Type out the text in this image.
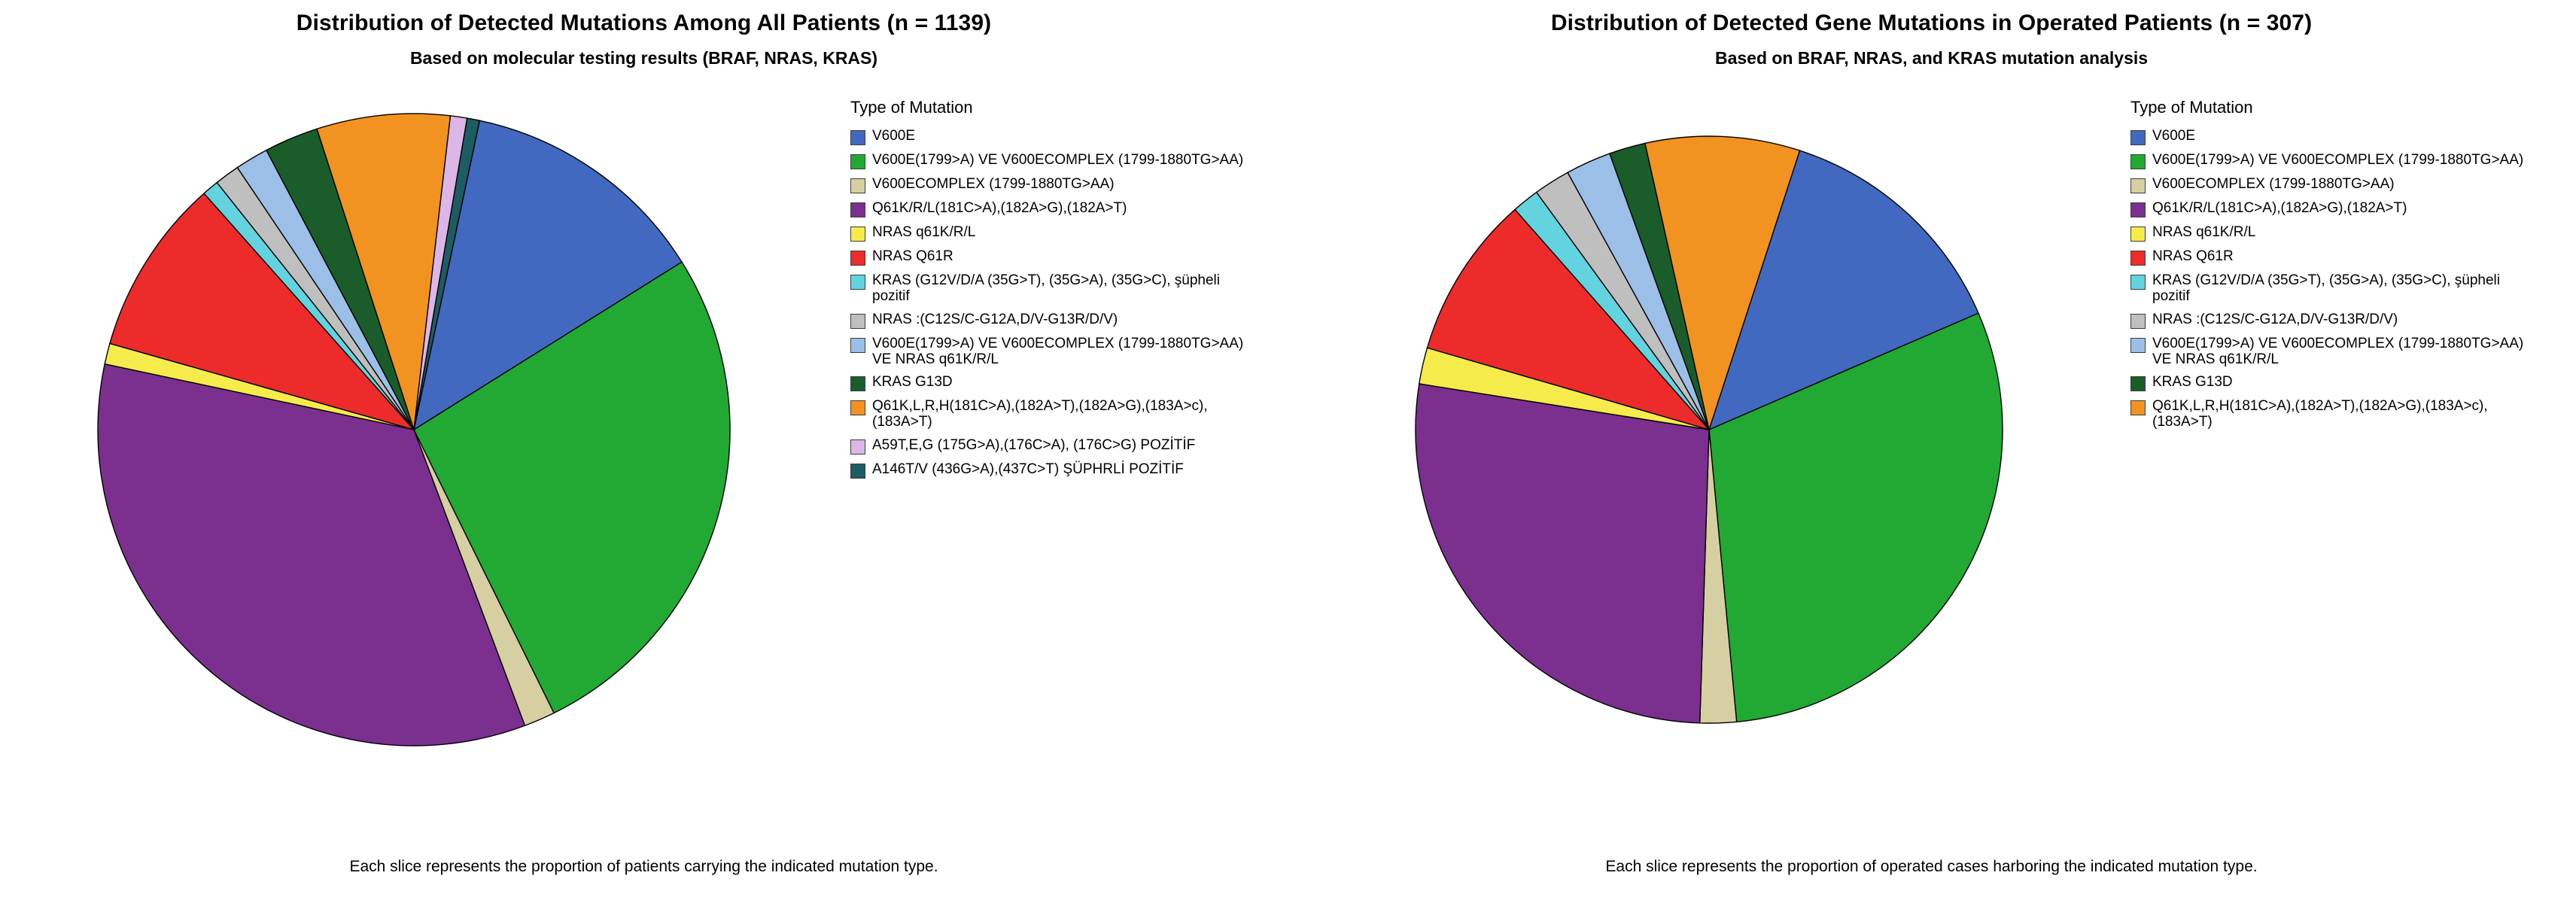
Distribution of Detected Mutations Among All Patients (n = 1139)
Based on molecular testing results (BRAF, NRAS, KRAS)
Type of Mutation
V600E
V600E(1799>A) VE V600ECOMPLEX (1799-1880TG>AA)
V600ECOMPLEX (1799-1880TG>AA)
Q61K/R/L(181C>A),(182A>G),(182A>T)
NRAS q61K/R/L
NRAS Q61R
KRAS (G12V/D/A (35G>T), (35G>A), (35G>C), şüpheli pozitif
NRAS :(C12S/C-G12A,D/V-G13R/D/V)
V600E(1799>A) VE V600ECOMPLEX (1799-1880TG>AA) VE NRAS q61K/R/L
KRAS G13D
Q61K,L,R,H(181C>A),(182A>T),(182A>G),(183A>c),(183A>T)
A59T,E,G (175G>A),(176C>A), (176C>G) POZİTİF
A146T/V (436G>A),(437C>T) ŞÜPHRLİ POZİTİF
Each slice represents the proportion of patients carrying the indicated mutation type.
Distribution of Detected Gene Mutations in Operated Patients (n = 307)
Based on BRAF, NRAS, and KRAS mutation analysis
Type of Mutation
V600E
V600E(1799>A) VE V600ECOMPLEX (1799-1880TG>AA)
V600ECOMPLEX (1799-1880TG>AA)
Q61K/R/L(181C>A),(182A>G),(182A>T)
NRAS q61K/R/L
NRAS Q61R
KRAS (G12V/D/A (35G>T), (35G>A), (35G>C), şüpheli pozitif
NRAS :(C12S/C-G12A,D/V-G13R/D/V)
V600E(1799>A) VE V600ECOMPLEX (1799-1880TG>AA) VE NRAS q61K/R/L
KRAS G13D
Q61K,L,R,H(181C>A),(182A>T),(182A>G),(183A>c),(183A>T)
Each slice represents the proportion of operated cases harboring the indicated mutation type.
